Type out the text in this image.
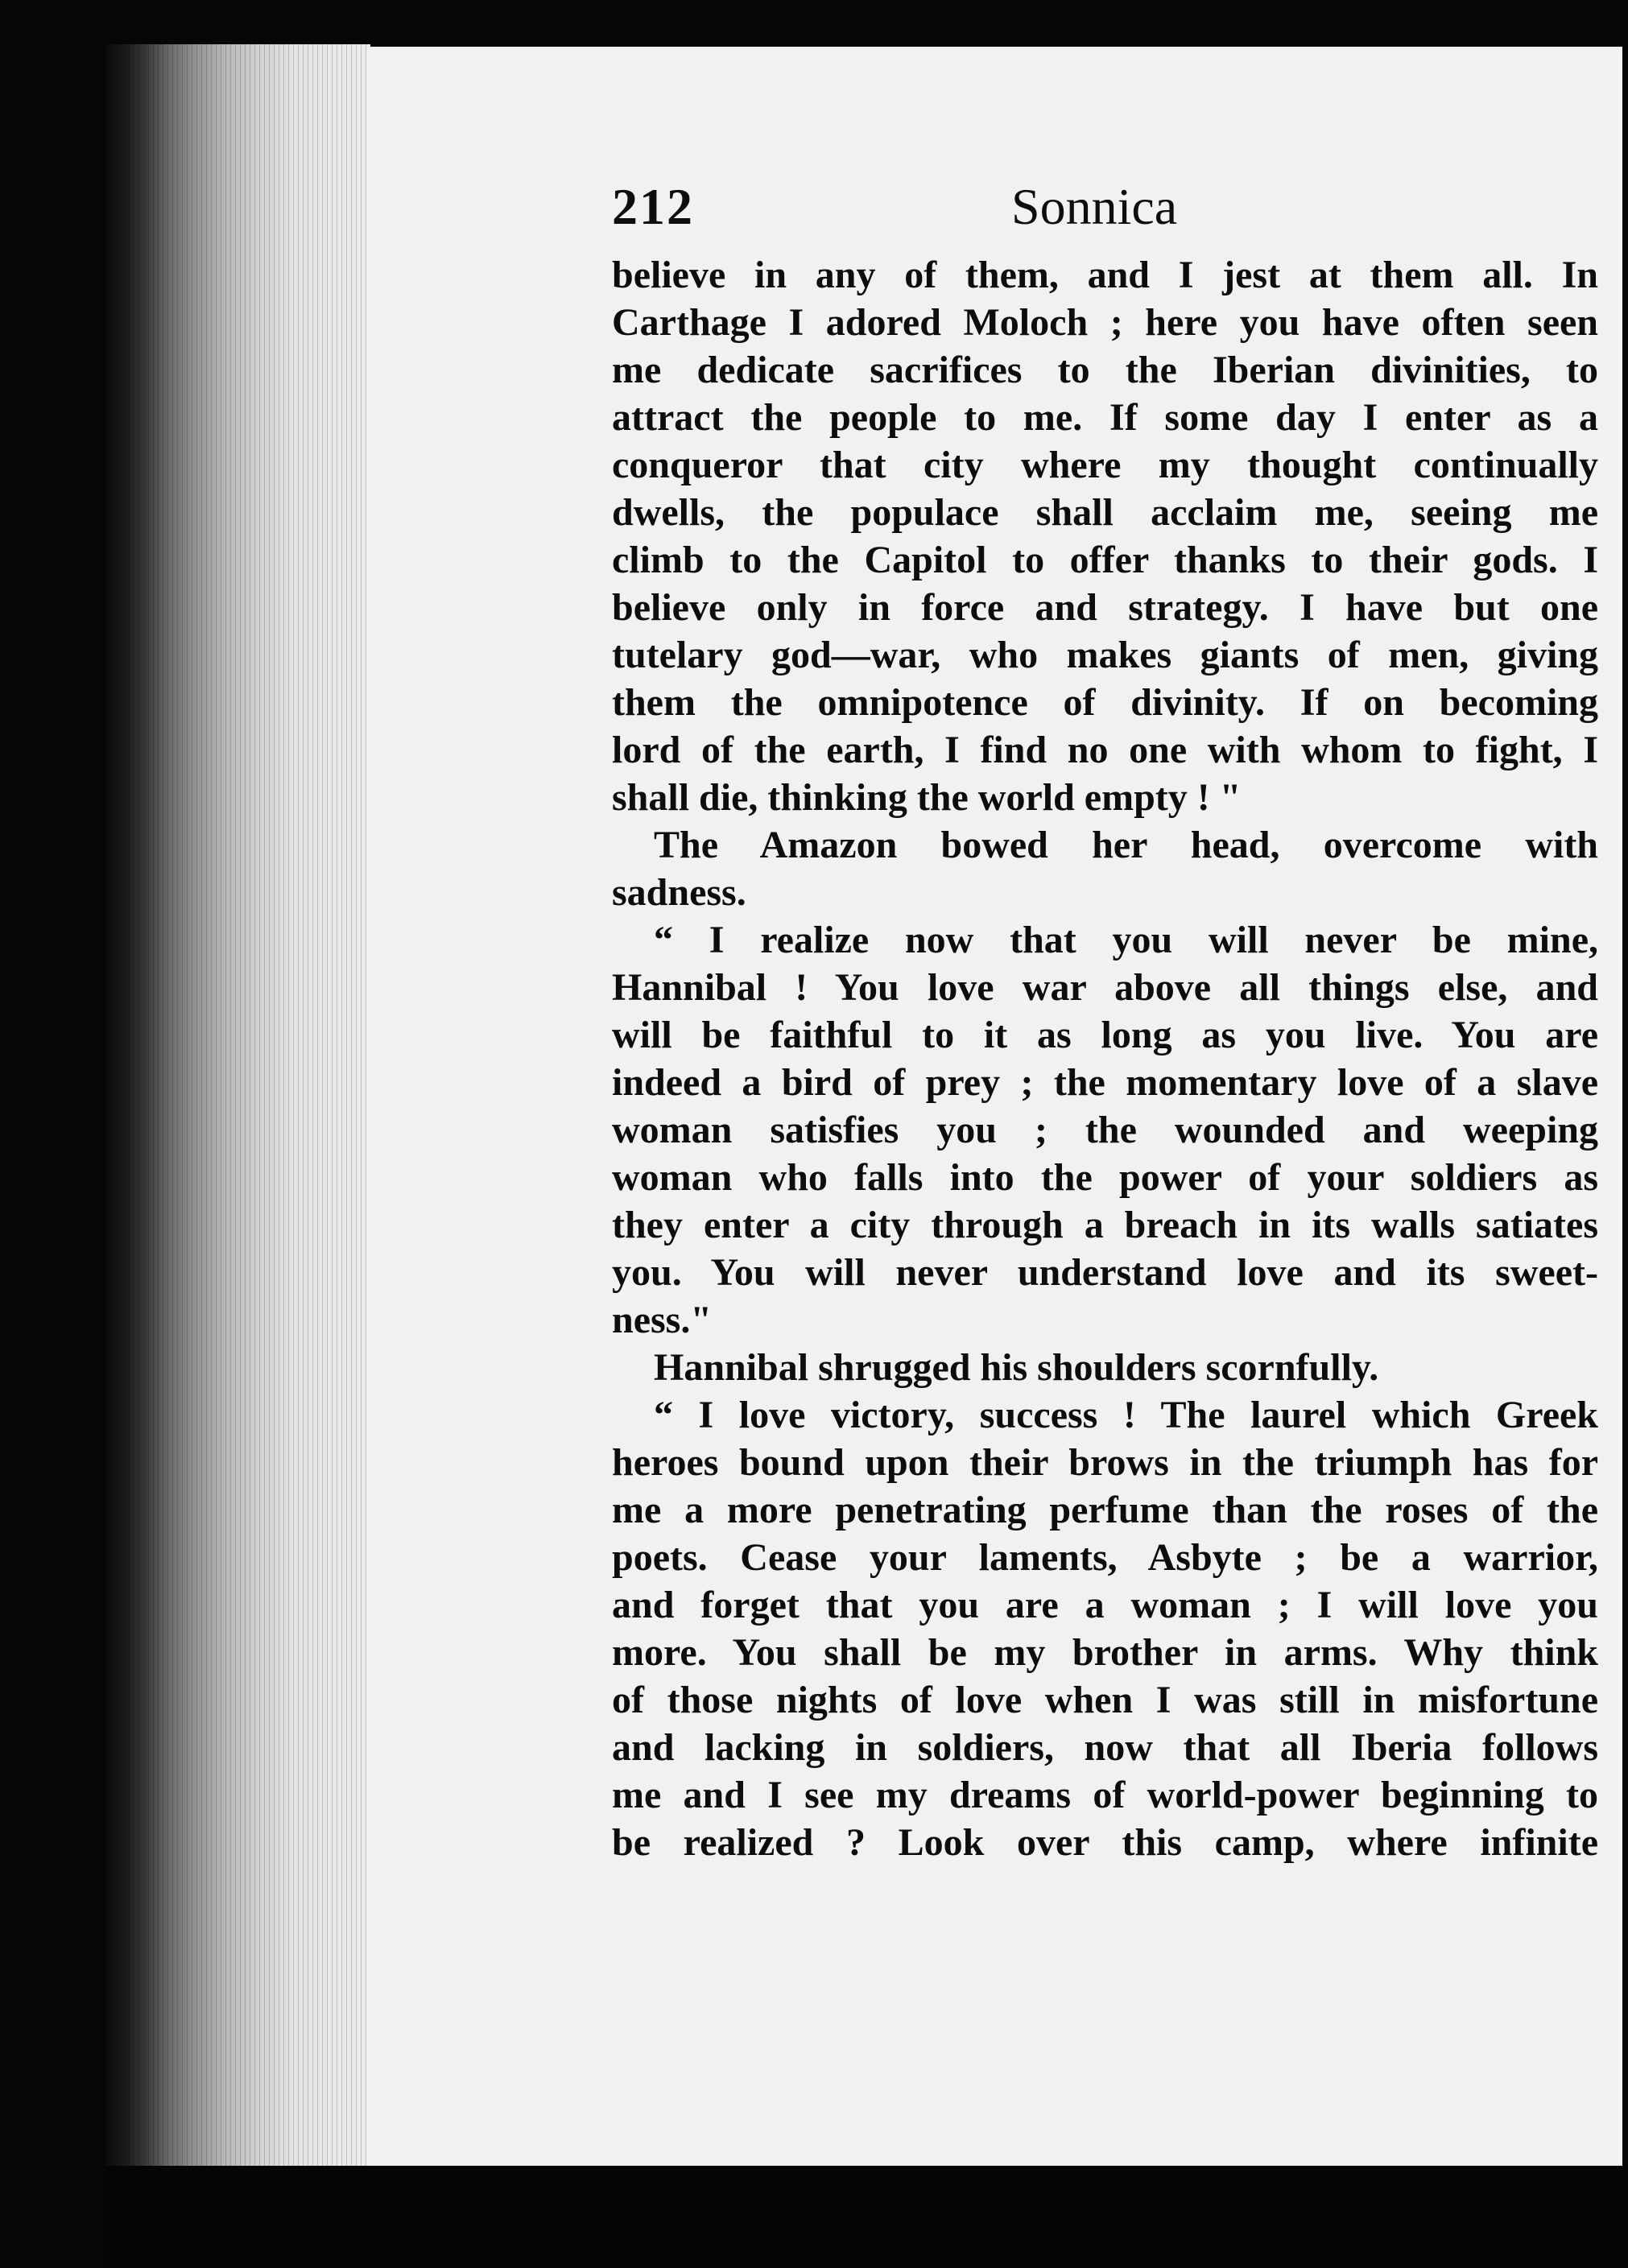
212	Sonnica
believe in any of them, and I jest at them all. In
Carthage I adored Moloch ; here you have often seen
me dedicate sacrifices to the Iberian divinities, to
attract the people to me. If some day I enter as a
conqueror that city where my thought continually
dwells, the populace shall acclaim me, seeing me
climb to the Capitol to offer thanks to their gods. I
believe only in force and strategy. I have but one
tutelary god—war, who makes giants of men, giving
them the omnipotence of divinity. If on becoming
lord of the earth, I find no one with whom to fight, I
shall die, thinking the world empty ! "
The Amazon bowed her head, overcome with
sadness.
“ I realize now that you will never be mine,
Hannibal ! You love war above all things else, and
will be faithful to it as long as you live. You are
indeed a bird of prey ; the momentary love of a slave
woman satisfies you ; the wounded and weeping
woman who falls into the power of your soldiers as
they enter a city through a breach in its walls satiates
you. You will never understand love and its sweet-
ness."
Hannibal shrugged his shoulders scornfully.
“ I love victory, success ! The laurel which Greek
heroes bound upon their brows in the triumph has for
me a more penetrating perfume than the roses of the
poets. Cease your laments, Asbyte ; be a warrior,
and forget that you are a woman ; I will love you
more. You shall be my brother in arms. Why think
of those nights of love when I was still in misfortune
and lacking in soldiers, now that all Iberia follows
me and I see my dreams of world-power beginning to
be realized ? Look over this camp, where infinite
